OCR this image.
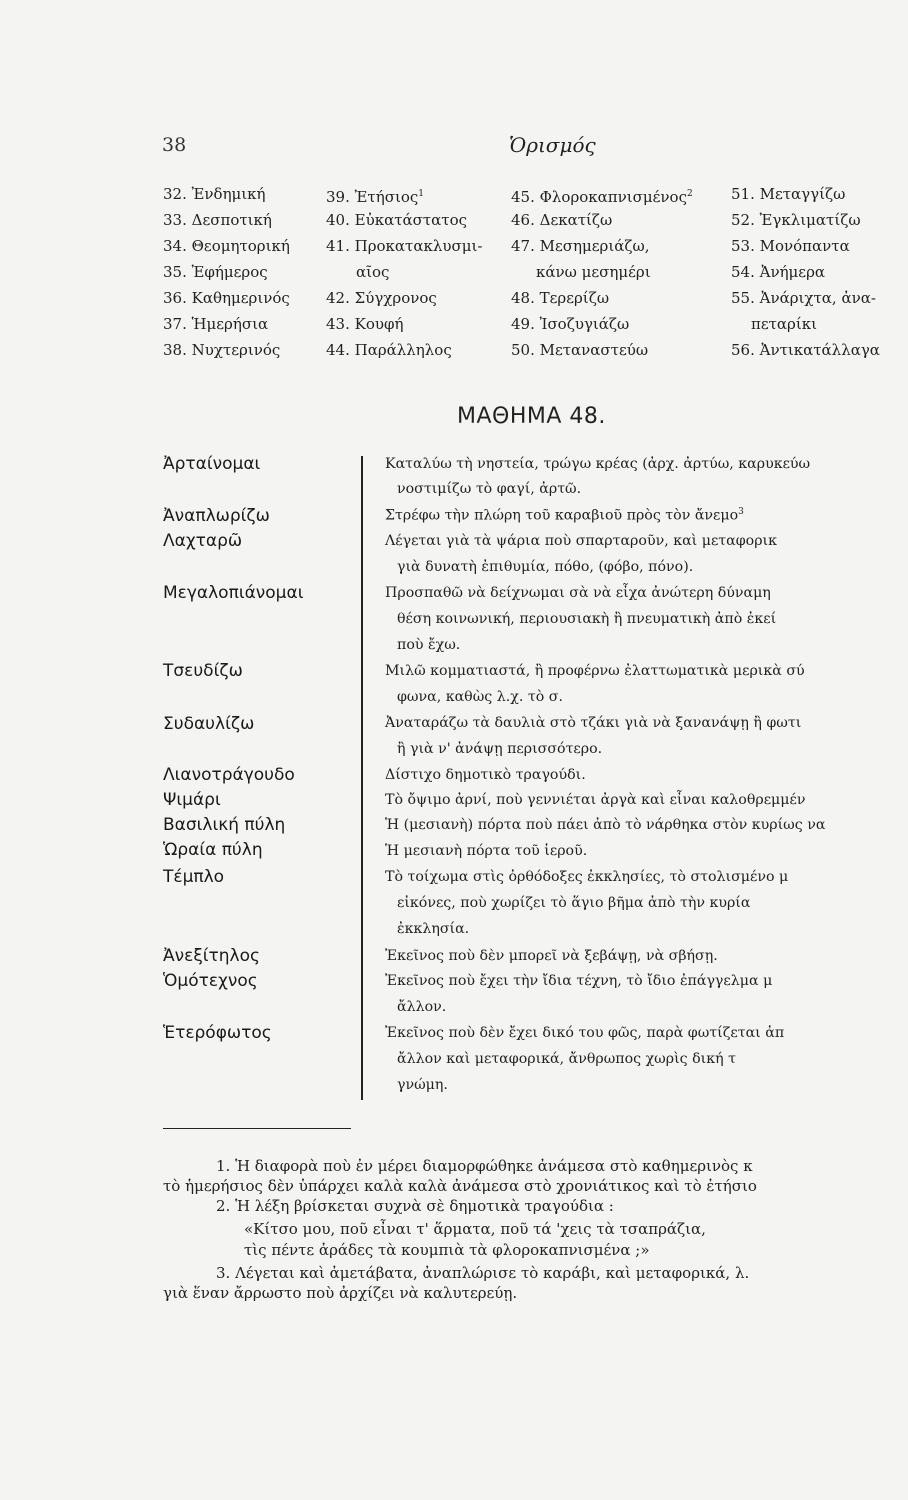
38	Ὁρισμός
32. Ἐνδημική
33. Δεσποτική
34. Θεομητορική
35. Ἐφήμερος
36. Καθημερινός
37. Ἡμερήσια
38. Νυχτερινός
39. Ἐτήσιος$^1$
40. Εὐκατάστατος
41. Προκατακλυσμι-
αῖος
42. Σύγχρονος
43. Κουφή
44. Παράλληλος
45. Φλοροκαπνισμένος$^2$
46. Δεκατίζω
47. Μεσημεριάζω,
κάνω μεσημέρι
48. Τερερίζω
49. Ἰσοζυγιάζω
50. Μεταναστεύω
51. Μεταγγίζω
52. Ἐγκλιματίζω
53. Μονόπαντα
54. Ἀνήμερα
55. Ἀνάριχτα, ἀνα-
πεταρίκι
56. Ἀντικατάλλαγα
ΜΑΘΗΜΑ 48.
Ἀρταίνομαι
Ἀναπλωρίζω
Λαχταρῶ
Μεγαλοπιάνομαι
Τσευδίζω
Συδαυλίζω
Λιανοτράγουδο
Ψιμάρι
Βασιλική πύλη
Ὡραία πύλη
Τέμπλο
Ἀνεξίτηλος
Ὁμότεχνος
Ἑτερόφωτος
Καταλύω τὴ νηστεία, τρώγω κρέας (ἀρχ. ἀρτύω, καρυκεύω
νοστιμίζω τὸ φαγί, ἀρτῶ.
Στρέφω τὴν πλώρη τοῦ καραβιοῦ πρὸς τὸν ἄνεμο$^3$
Λέγεται γιὰ τὰ ψάρια ποὺ σπαρταροῦν, καὶ μεταφορικ
γιὰ δυνατὴ ἐπιθυμία, πόθο, (φόβο, πόνο).
Προσπαθῶ νὰ δείχνωμαι σὰ νὰ εἶχα ἀνώτερη δύναμη
θέση κοινωνική, περιουσιακὴ ἢ πνευματικὴ ἀπὸ ἐκεί
ποὺ ἔχω.
Μιλῶ κομματιαστά, ἢ προφέρνω ἐλαττωματικὰ μερικὰ σύ
φωνα, καθὼς λ.χ. τὸ σ.
Ἀναταράζω τὰ δαυλιὰ στὸ τζάκι γιὰ νὰ ξανανάψῃ ἢ φωτι
ἢ γιὰ ν' ἀνάψῃ περισσότερο.
Δίστιχο δημοτικὸ τραγούδι.
Τὸ ὄψιμο ἀρνί, ποὺ γεννιέται ἀργὰ καὶ εἶναι καλοθρεμμέν
Ἡ (μεσιανὴ) πόρτα ποὺ πάει ἀπὸ τὸ νάρθηκα στὸν κυρίως να
Ἡ μεσιανὴ πόρτα τοῦ ἱεροῦ.
Τὸ τοίχωμα στὶς ὀρθόδοξες ἐκκλησίες, τὸ στολισμένο μ
εἰκόνες, ποὺ χωρίζει τὸ ἅγιο βῆμα ἀπὸ τὴν κυρία
ἐκκλησία.
Ἐκεῖνος ποὺ δὲν μπορεῖ νὰ ξεβάψῃ, νὰ σβήσῃ.
Ἐκεῖνος ποὺ ἔχει τὴν ἴδια τέχνη, τὸ ἴδιο ἐπάγγελμα μ
ἄλλον.
Ἐκεῖνος ποὺ δὲν ἔχει δικό του φῶς, παρὰ φωτίζεται ἀπ
ἄλλον καὶ μεταφορικά, ἄνθρωπος χωρὶς δική τ
γνώμη.
1. Ἡ διαφορὰ ποὺ ἐν μέρει διαμορφώθηκε ἀνάμεσα στὸ καθημερινὸς κ
τὸ ἡμερήσιος δὲν ὑπάρχει καλὰ καλὰ ἀνάμεσα στὸ χρονιάτικος καὶ τὸ ἐτήσιο
2. Ἡ λέξη βρίσκεται συχνὰ σὲ δημοτικὰ τραγούδια :
«Κίτσο μου, ποῦ εἶναι τ' ἅρματα, ποῦ τά 'χεις τὰ τσαπράζια,
τὶς πέντε ἀράδες τὰ κουμπιὰ τὰ φλοροκαπνισμένα ;»
3. Λέγεται καὶ ἀμετάβατα, ἀναπλώρισε τὸ καράβι, καὶ μεταφορικά, λ.
γιὰ ἕναν ἄρρωστο ποὺ ἀρχίζει νὰ καλυτερεύῃ.
